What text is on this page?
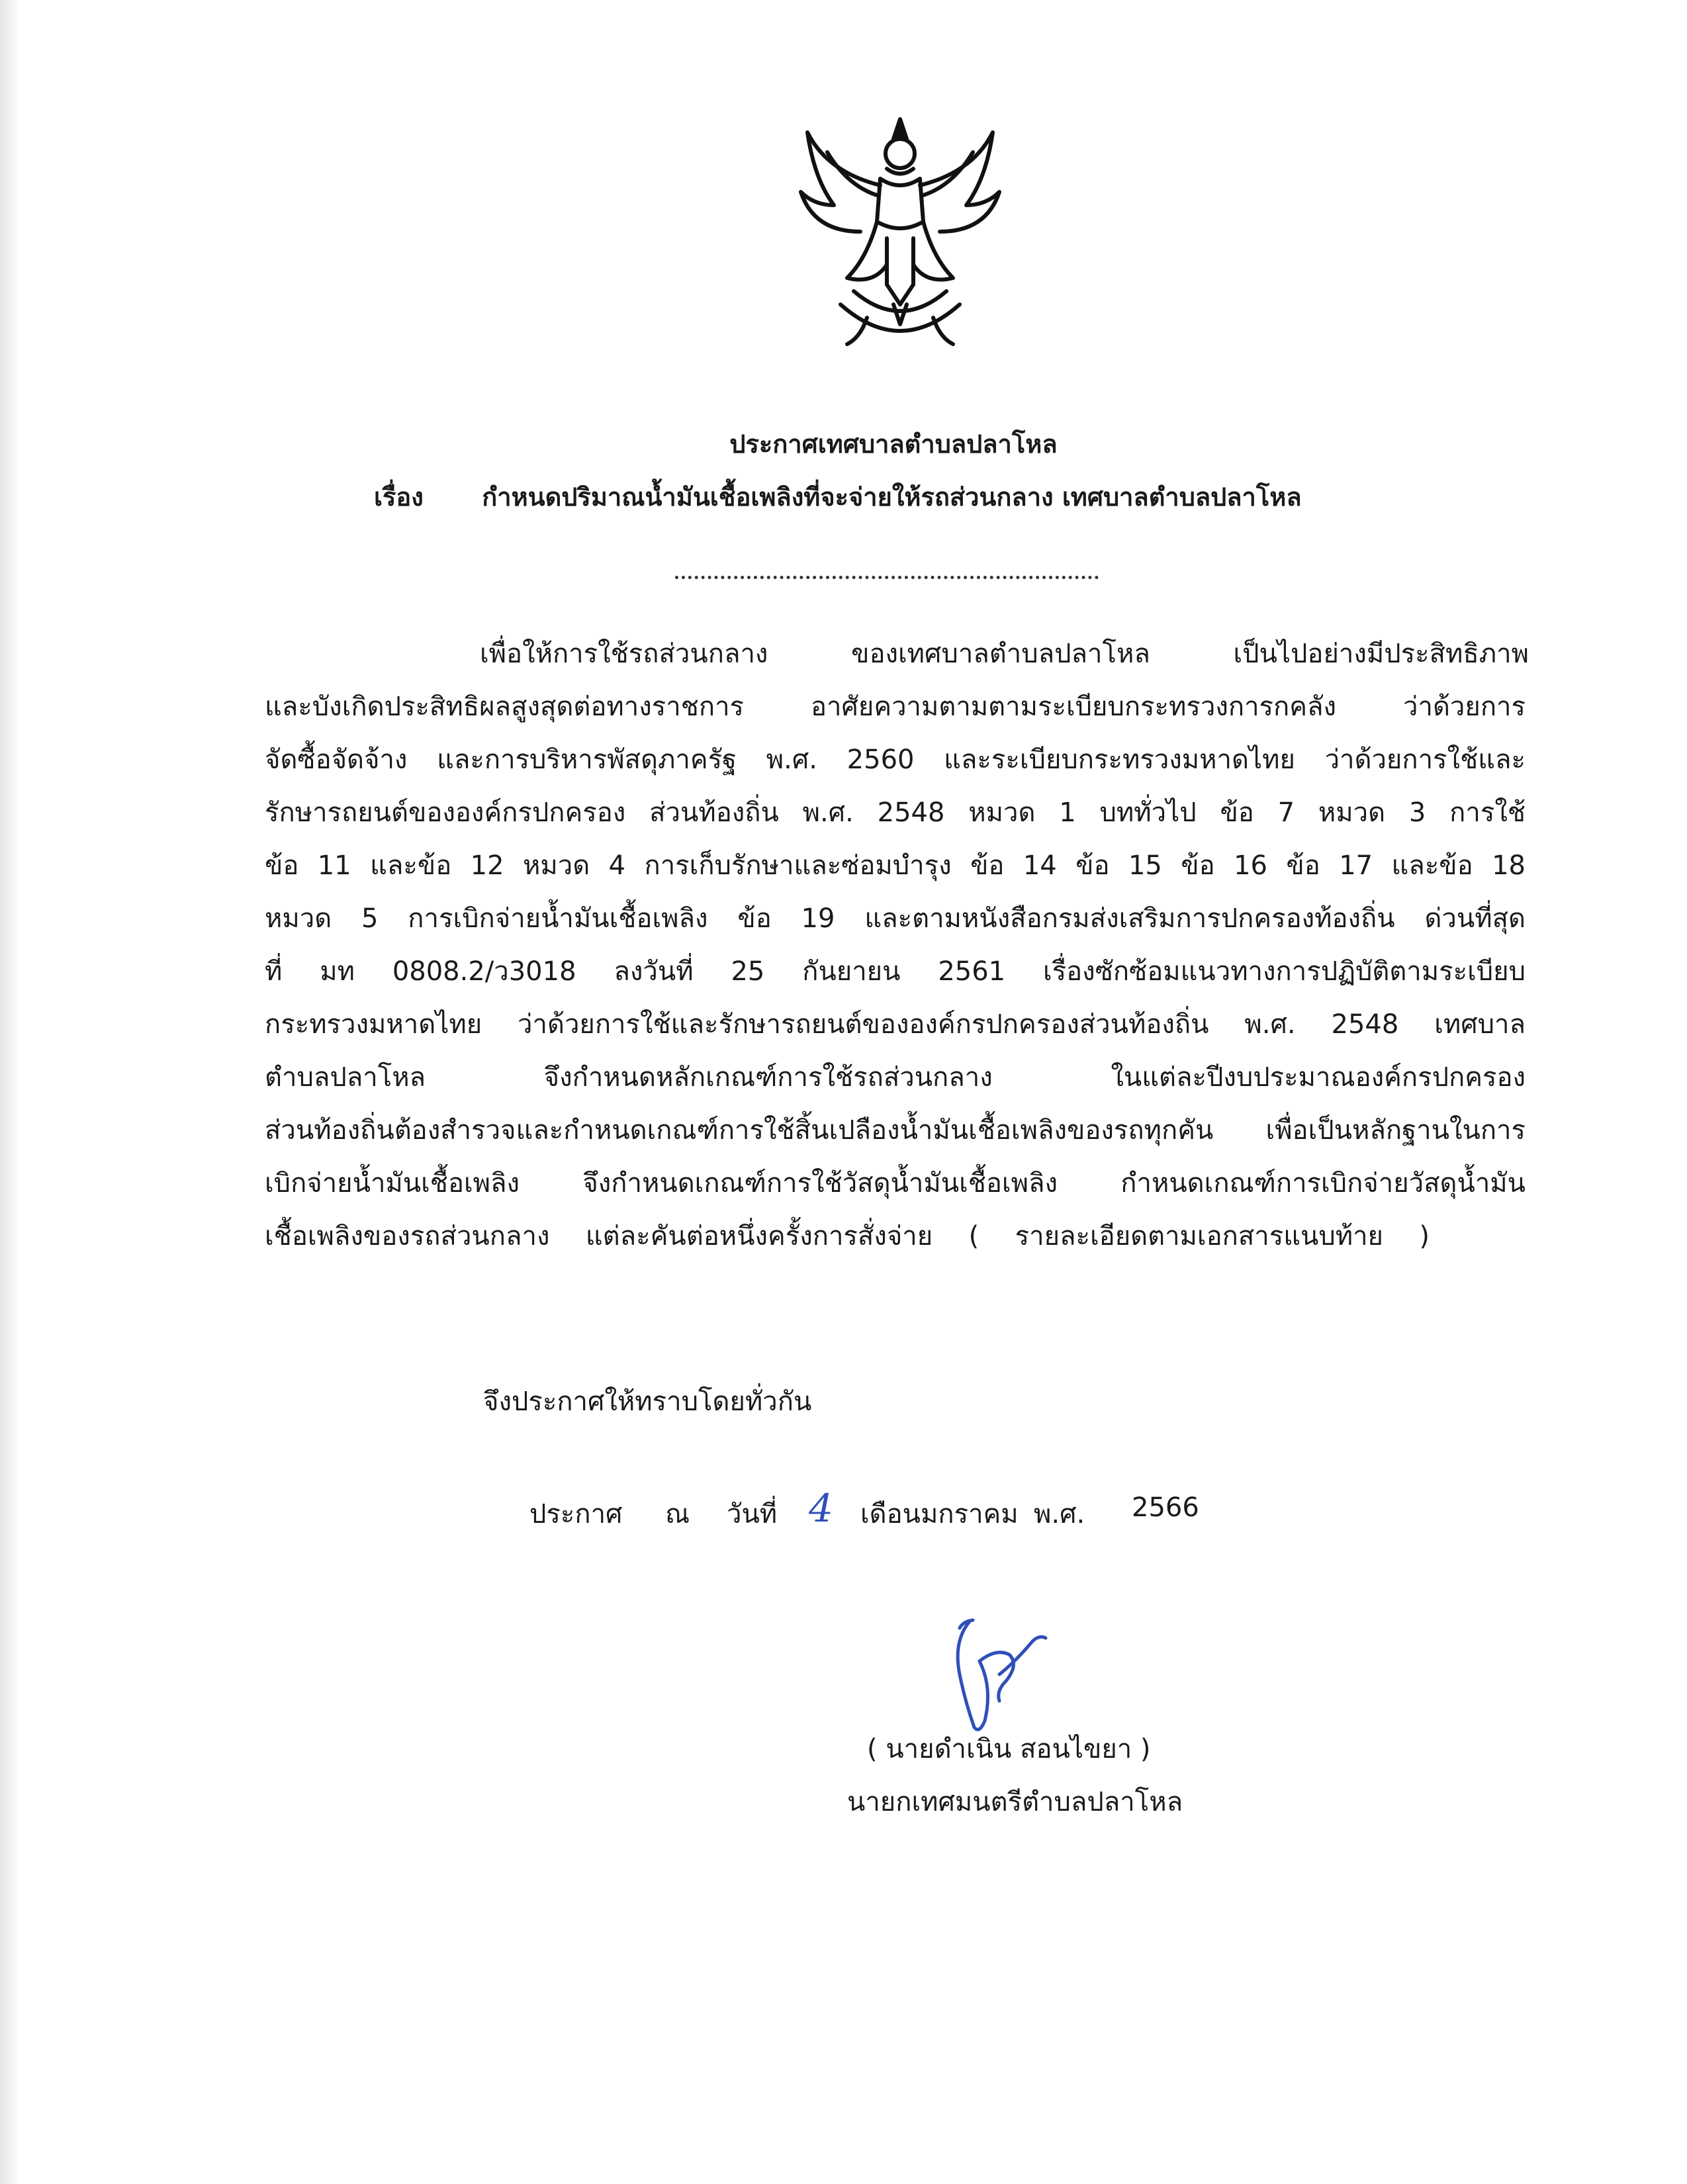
ประกาศเทศบาลตำบลปลาโหล
เรื่อง กำหนดปริมาณน้ำมันเชื้อเพลิงที่จะจ่ายให้รถส่วนกลาง เทศบาลตำบลปลาโหล
เพื่อให้การใช้รถส่วนกลาง ของเทศบาลตำบลปลาโหล เป็นไปอย่างมีประสิทธิภาพ
และบังเกิดประสิทธิผลสูงสุดต่อทางราชการ อาศัยความตามตามระเบียบกระทรวงการกคลัง ว่าด้วยการ
จัดซื้อจัดจ้าง และการบริหารพัสดุภาครัฐ พ.ศ. 2560 และระเบียบกระทรวงมหาดไทย ว่าด้วยการใช้และ
รักษารถยนต์ขององค์กรปกครอง ส่วนท้องถิ่น พ.ศ. 2548 หมวด 1 บททั่วไป ข้อ 7 หมวด 3 การใช้
ข้อ 11 และข้อ 12 หมวด 4 การเก็บรักษาและซ่อมบำรุง ข้อ 14 ข้อ 15 ข้อ 16 ข้อ 17 และข้อ 18
หมวด 5 การเบิกจ่ายน้ำมันเชื้อเพลิง ข้อ 19 และตามหนังสือกรมส่งเสริมการปกครองท้องถิ่น ด่วนที่สุด
ที่ มท 0808.2/ว3018 ลงวันที่ 25 กันยายน 2561 เรื่องซักซ้อมแนวทางการปฏิบัติตามระเบียบ
กระทรวงมหาดไทย ว่าด้วยการใช้และรักษารถยนต์ขององค์กรปกครองส่วนท้องถิ่น พ.ศ. 2548 เทศบาล
ตำบลปลาโหล จึงกำหนดหลักเกณฑ์การใช้รถส่วนกลาง ในแต่ละปีงบประมาณองค์กรปกครอง
ส่วนท้องถิ่นต้องสำรวจและกำหนดเกณฑ์การใช้สิ้นเปลืองน้ำมันเชื้อเพลิงของรถทุกคัน เพื่อเป็นหลักฐานในการ
เบิกจ่ายน้ำมันเชื้อเพลิง จึงกำหนดเกณฑ์การใช้วัสดุน้ำมันเชื้อเพลิง กำหนดเกณฑ์การเบิกจ่ายวัสดุน้ำมัน
เชื้อเพลิงของรถส่วนกลาง แต่ละคันต่อหนึ่งครั้งการสั่งจ่าย ( รายละเอียดตามเอกสารแนบท้าย )
จึงประกาศให้ทราบโดยทั่วกัน
ประกาศ ณ วันที่ 4 เดือนมกราคม พ.ศ. 2566
( นายดำเนิน สอนไขยา )
นายกเทศมนตรีตำบลปลาโหล
